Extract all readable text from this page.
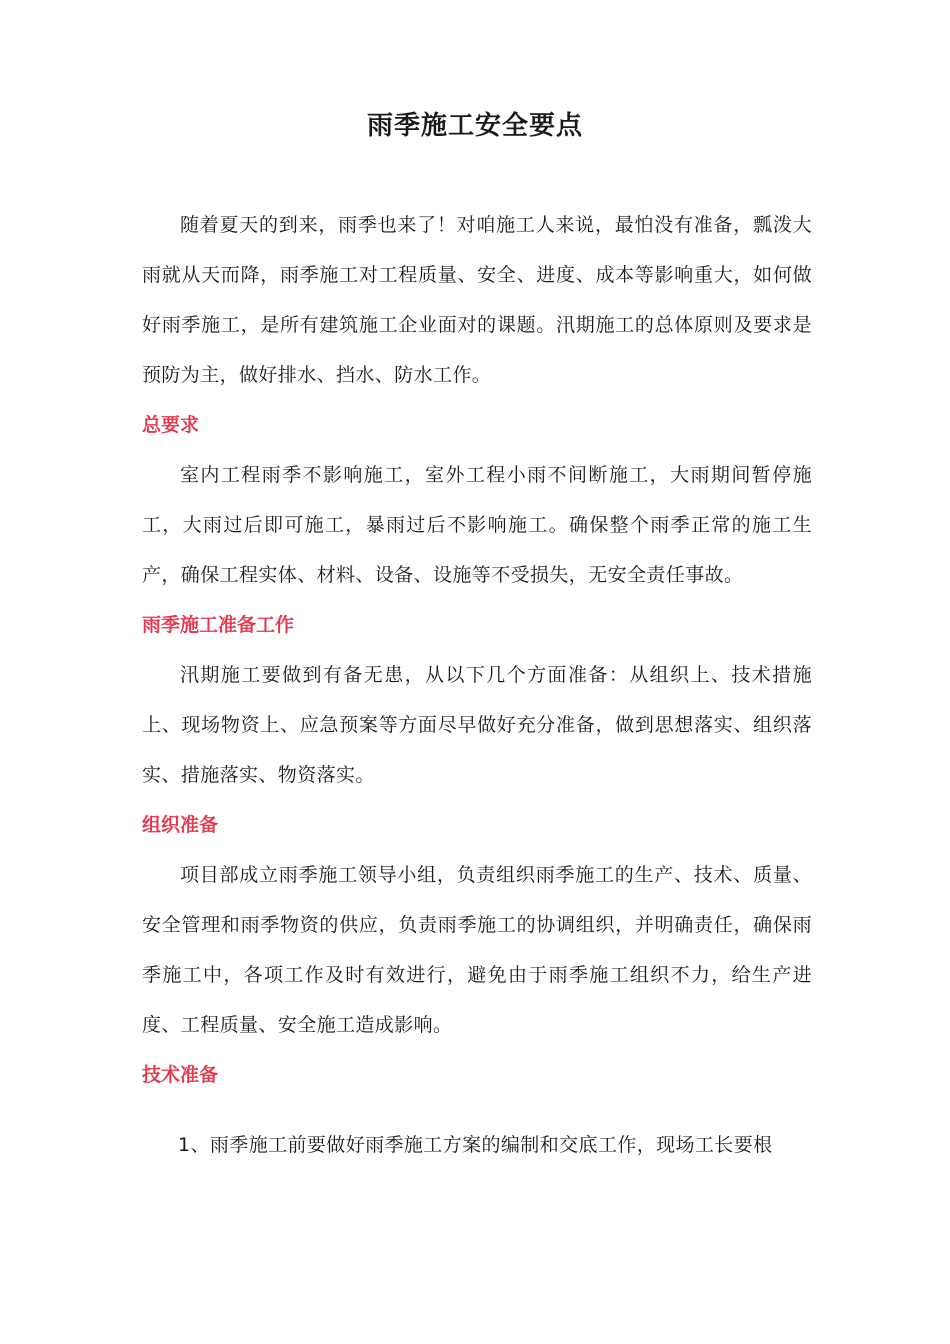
雨季施工安全要点

随着夏天的到来，雨季也来了！对咱施工人来说，最怕没有准备，瓢泼大雨就从天而降，雨季施工对工程质量、安全、进度、成本等影响重大，如何做好雨季施工，是所有建筑施工企业面对的课题。汛期施工的总体原则及要求是预防为主，做好排水、挡水、防水工作。

总要求

室内工程雨季不影响施工，室外工程小雨不间断施工，大雨期间暂停施工，大雨过后即可施工，暴雨过后不影响施工。确保整个雨季正常的施工生产，确保工程实体、材料、设备、设施等不受损失，无安全责任事故。

雨季施工准备工作

汛期施工要做到有备无患，从以下几个方面准备：从组织上、技术措施上、现场物资上、应急预案等方面尽早做好充分准备，做到思想落实、组织落实、措施落实、物资落实。

组织准备

项目部成立雨季施工领导小组，负责组织雨季施工的生产、技术、质量、安全管理和雨季物资的供应，负责雨季施工的协调组织，并明确责任，确保雨季施工中，各项工作及时有效进行，避免由于雨季施工组织不力，给生产进度、工程质量、安全施工造成影响。

技术准备

1、雨季施工前要做好雨季施工方案的编制和交底工作，现场工长要根
